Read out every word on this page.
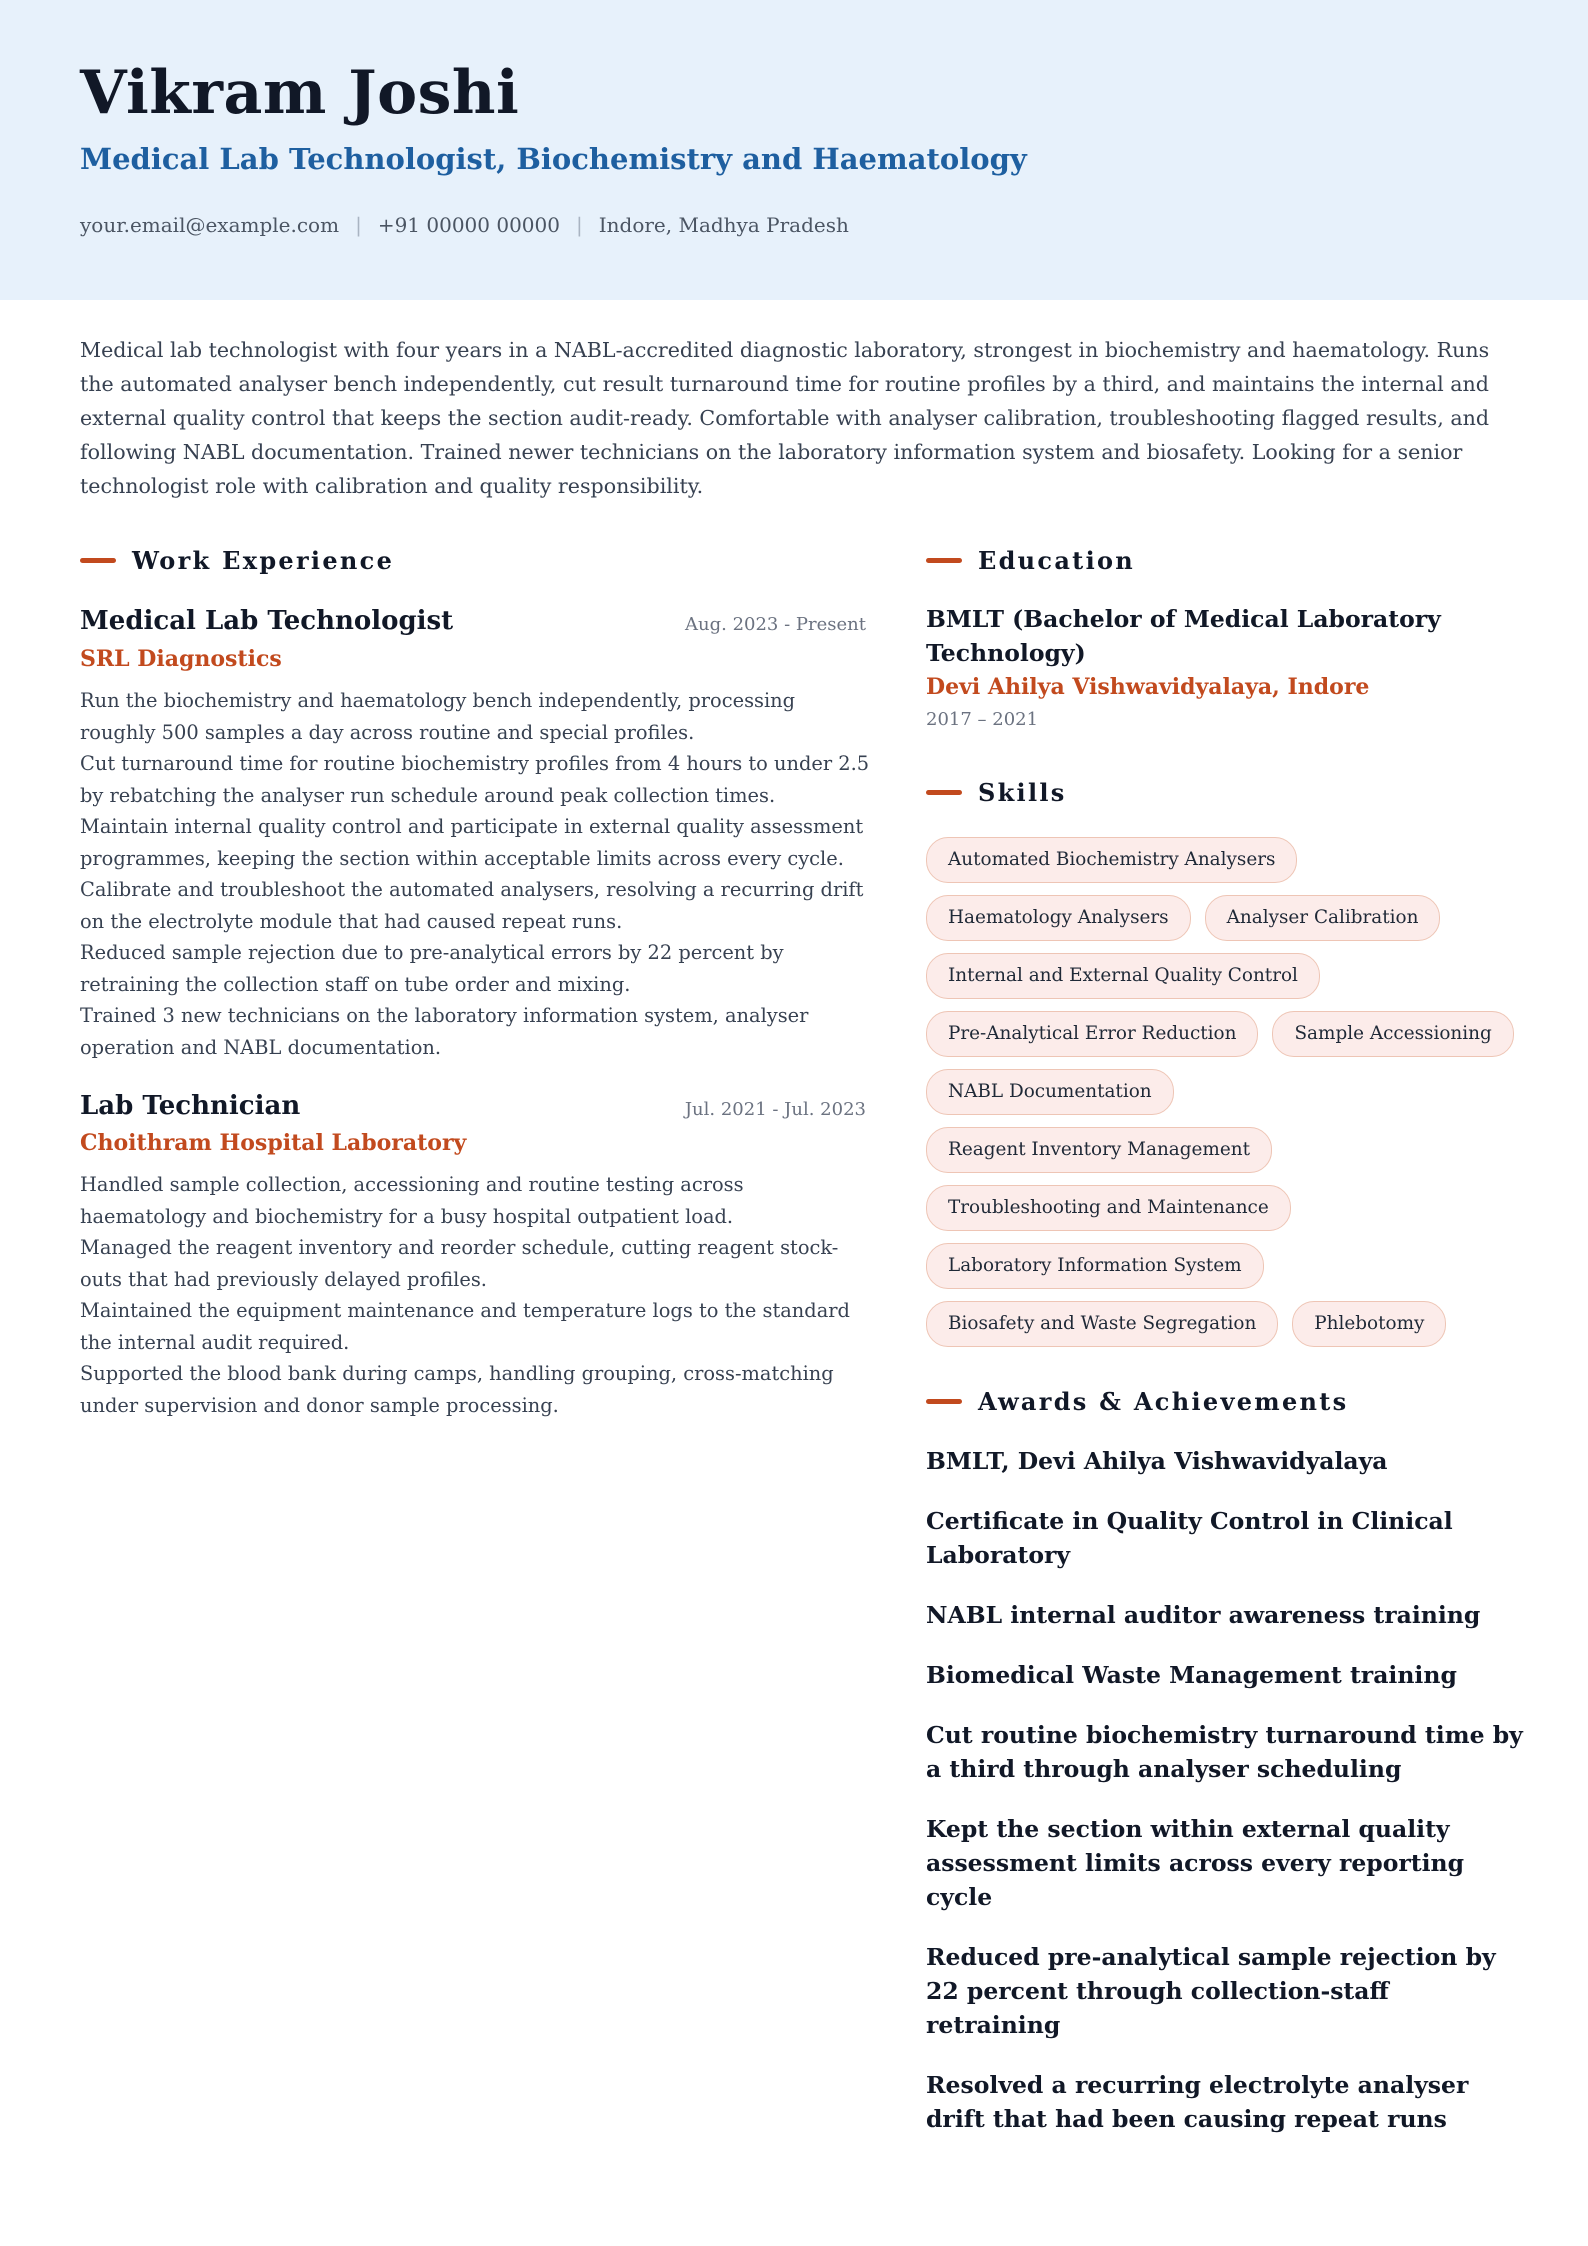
Vikram Joshi
Medical Lab Technologist, Biochemistry and Haematology
your.email@example.com | +91 00000 00000 | Indore, Madhya Pradesh

Medical lab technologist with four years in a NABL-accredited diagnostic laboratory, strongest in biochemistry and haematology. Runs the automated analyser bench independently, cut result turnaround time for routine profiles by a third, and maintains the internal and external quality control that keeps the section audit-ready. Comfortable with analyser calibration, troubleshooting flagged results, and following NABL documentation. Trained newer technicians on the laboratory information system and biosafety. Looking for a senior technologist role with calibration and quality responsibility.

Work Experience
Medical Lab Technologist	Aug. 2023 - Present
SRL Diagnostics
Run the biochemistry and haematology bench independently, processing roughly 500 samples a day across routine and special profiles.
Cut turnaround time for routine biochemistry profiles from 4 hours to under 2.5 by rebatching the analyser run schedule around peak collection times.
Maintain internal quality control and participate in external quality assessment programmes, keeping the section within acceptable limits across every cycle.
Calibrate and troubleshoot the automated analysers, resolving a recurring drift on the electrolyte module that had caused repeat runs.
Reduced sample rejection due to pre-analytical errors by 22 percent by retraining the collection staff on tube order and mixing.
Trained 3 new technicians on the laboratory information system, analyser operation and NABL documentation.
Lab Technician	Jul. 2021 - Jul. 2023
Choithram Hospital Laboratory
Handled sample collection, accessioning and routine testing across haematology and biochemistry for a busy hospital outpatient load.
Managed the reagent inventory and reorder schedule, cutting reagent stock-outs that had previously delayed profiles.
Maintained the equipment maintenance and temperature logs to the standard the internal audit required.
Supported the blood bank during camps, handling grouping, cross-matching under supervision and donor sample processing.
Education
BMLT (Bachelor of Medical Laboratory Technology)
Devi Ahilya Vishwavidyalaya, Indore
2017 – 2021
Skills
Automated Biochemistry Analysers
Haematology Analysers	Analyser Calibration
Internal and External Quality Control
Pre-Analytical Error Reduction	Sample Accessioning
NABL Documentation
Reagent Inventory Management
Troubleshooting and Maintenance
Laboratory Information System
Biosafety and Waste Segregation	Phlebotomy
Awards & Achievements
BMLT, Devi Ahilya Vishwavidyalaya
Certificate in Quality Control in Clinical Laboratory
NABL internal auditor awareness training
Biomedical Waste Management training
Cut routine biochemistry turnaround time by a third through analyser scheduling
Kept the section within external quality assessment limits across every reporting cycle
Reduced pre-analytical sample rejection by 22 percent through collection-staff retraining
Resolved a recurring electrolyte analyser drift that had been causing repeat runs
